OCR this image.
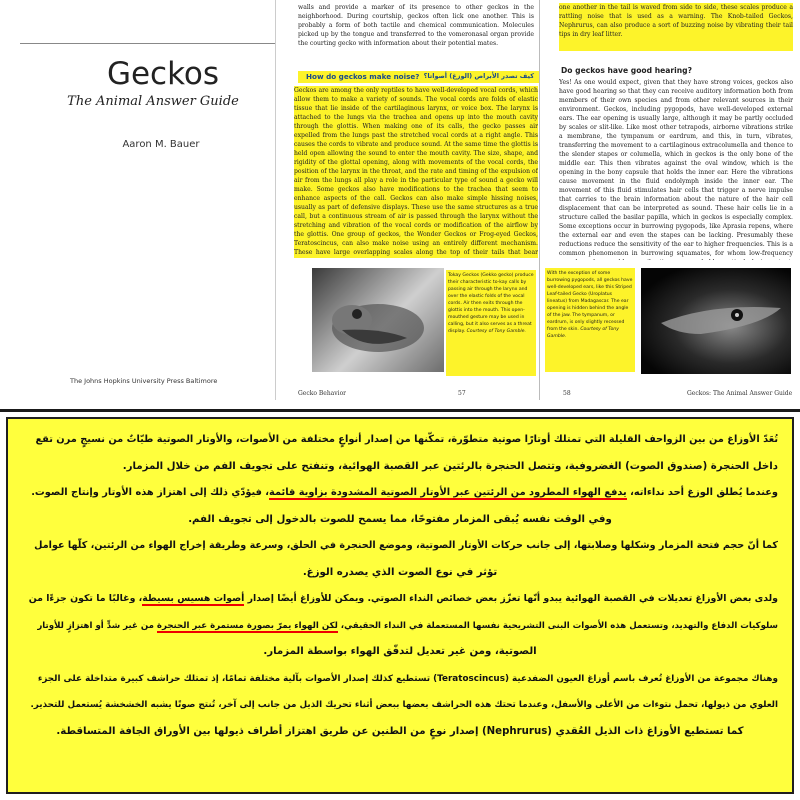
Geckos
The Animal Answer Guide
Aaron M. Bauer
The Johns Hopkins University Press Baltimore
walls and provide a marker of its presence to other geckos in the neighborhood. During courtship, geckos often lick one another. This is probably a form of both tactile and chemical communication. Molecules picked up by the tongue and transferred to the vomeronasal organ provide the courting gecko with information about their potential mates.
How do geckos make noise? كيف تصدر الأبراص (الوزغ) أصواتا؟
Geckos are among the only reptiles to have well-developed vocal cords, which allow them to make a variety of sounds. The vocal cords are folds of elastic tissue that lie inside of the cartilaginous larynx, or voice box. The larynx is attached to the lungs via the trachea and opens up into the mouth cavity through the glottis. When making one of its calls, the gecko passes air expelled from the lungs past the stretched vocal cords at a right angle. This causes the cords to vibrate and produce sound. At the same time the glottis is held open allowing the sound to enter the mouth cavity. The size, shape, and rigidity of the glottal opening, along with movements of the vocal cords, the position of the larynx in the throat, and the rate and timing of the expulsion of air from the lungs all play a role in the particular type of sound a gecko will make. Some geckos also have modifications to the trachea that seem to enhance aspects of the call. Geckos can also make simple hissing noises, usually as part of defensive displays. These use the same structures as a true call, but a continuous stream of air is passed through the larynx without the stretching and vibration of the vocal cords or modification of the airflow by the glottis. One group of geckos, the Wonder Geckos or Frog-eyed Geckos, Teratoscincus, can also make noise using an entirely different mechanism. These have large overlapping scales along the top of their tails that bear
Tokay Geckos (Gekko gecko) produce their characteristic to-kay calls by passing air through the larynx and over the elastic folds of the vocal cords. Air then exits through the glottis into the mouth. This open-mouthed gesture may be used in calling, but it also serves as a threat display. Courtesy of Tony Gamble.
Gecko Behavior	57
one another in the tail is waved from side to side, these scales produce a rattling noise that is used as a warning. The Knob-tailed Geckos, Nephrurus, can also produce a sort of buzzing noise by vibrating their tail tips in dry leaf litter.
Do geckos have good hearing?
Yes! As one would expect, given that they have strong voices, geckos also have good hearing so that they can receive auditory information both from members of their own species and from other relevant sources in their environment. Geckos, including pygopods, have well-developed external ears. The ear opening is usually large, although it may be partly occluded by scales or slit-like. Like most other tetrapods, airborne vibrations strike a membrane, the tympanum or eardrum, and this, in turn, vibrates, transferring the movement to a cartilaginous extracolumella and thence to the slender stapes or columella, which in geckos is the only bone of the middle ear. This then vibrates against the oval window, which is the opening in the bony capsule that holds the inner ear. Here the vibrations cause movement in the fluid endolymph inside the inner ear. The movement of this fluid stimulates hair cells that trigger a nerve impulse that carries to the brain information about the nature of the hair cell displacement that can be interpreted as sound. These hair cells lie in a structure called the basilar papilla, which in geckos is especially complex. Some exceptions occur in burrowing pygopods, like Aprasia repens, where the external ear and even the stapes can be lacking. Presumably these reductions reduce the sensitivity of the ear to higher frequencies. This is a common phenomenon in burrowing squamates, for whom low-frequency
With the exception of some burrowing pygopods, all geckos have well-developed ears, like this Striped Leaf-tailed Gecko (Uroplatus lineatus) from Madagascar. The ear opening is hidden behind the angle of the jaw. The tympanum, or eardrum, is only slightly recessed from the skin. Courtesy of Tony Gamble.
58	Geckos: The Animal Answer Guide
تُعَدّ الأوزاغ من بين الزواحف القليلة التي تمتلك أوتارًا صوتية متطوّرة، تمكّنها من إصدار أنواعٍ مختلفة من الأصوات، والأوتار الصوتية طيّاتٌ من نسيجٍ مرن تقع
داخل الحنجرة (صندوق الصوت) الغضروفية، وتتصل الحنجرة بالرئتين عبر القصبة الهوائية، وتنفتح على تجويف الفم من خلال المزمار.
وعندما يُطلق الوزغ أحد نداءاته، يدفع الهواء المطرود من الرئتين عبر الأوتار الصوتية المشدودة بزاوية قائمة، فيؤدّي ذلك إلى اهتزاز هذه الأوتار وإنتاج الصوت.
وفي الوقت نفسه يُبقى المزمار مفتوحًا، مما يسمح للصوت بالدخول إلى تجويف الفم.
كما أنّ حجم فتحة المزمار وشكلها وصلابتها، إلى جانب حركات الأوتار الصوتية، وموضع الحنجرة في الحلق، وسرعة وطريقة إخراج الهواء من الرئتين، كلّها عوامل
تؤثر في نوع الصوت الذي يصدره الوزغ.
ولدى بعض الأوزاغ تعديلات في القصبة الهوائية يبدو أنّها تعزّز بعض خصائص النداء الصوتي. ويمكن للأوزاغ أيضًا إصدار أصوات هسيس بسيطة، وغالبًا ما تكون جزءًا من
سلوكيات الدفاع والتهديد، وتستعمل هذه الأصوات البنى التشريحية نفسها المستعملة في النداء الحقيقي، لكن الهواء يمرّ بصورة مستمرة عبر الحنجرة من غير شدٍّ أو اهتزازٍ للأوتار
الصوتية، ومن غير تعديل لتدفّق الهواء بواسطة المزمار.
وهناك مجموعة من الأوزاغ تُعرف باسم أوزاغ العيون الضفدعية (Teratoscincus) تستطيع كذلك إصدار الأصوات بآلية مختلفة تمامًا، إذ تمتلك حراشف كبيرة متداخلة على الجزء
العلوي من ذيولها، تحمل نتوءات من الأعلى والأسفل، وعندما تحتك هذه الحراشف بعضها ببعض أثناء تحريك الذيل من جانب إلى آخر، تُنتج صوتًا يشبه الخشخشة يُستعمل للتحذير.
كما تستطيع الأوزاغ ذات الذيل العُقدي (Nephrurus) إصدار نوعٍ من الطنين عن طريق اهتزاز أطراف ذيولها بين الأوراق الجافة المتساقطة.
